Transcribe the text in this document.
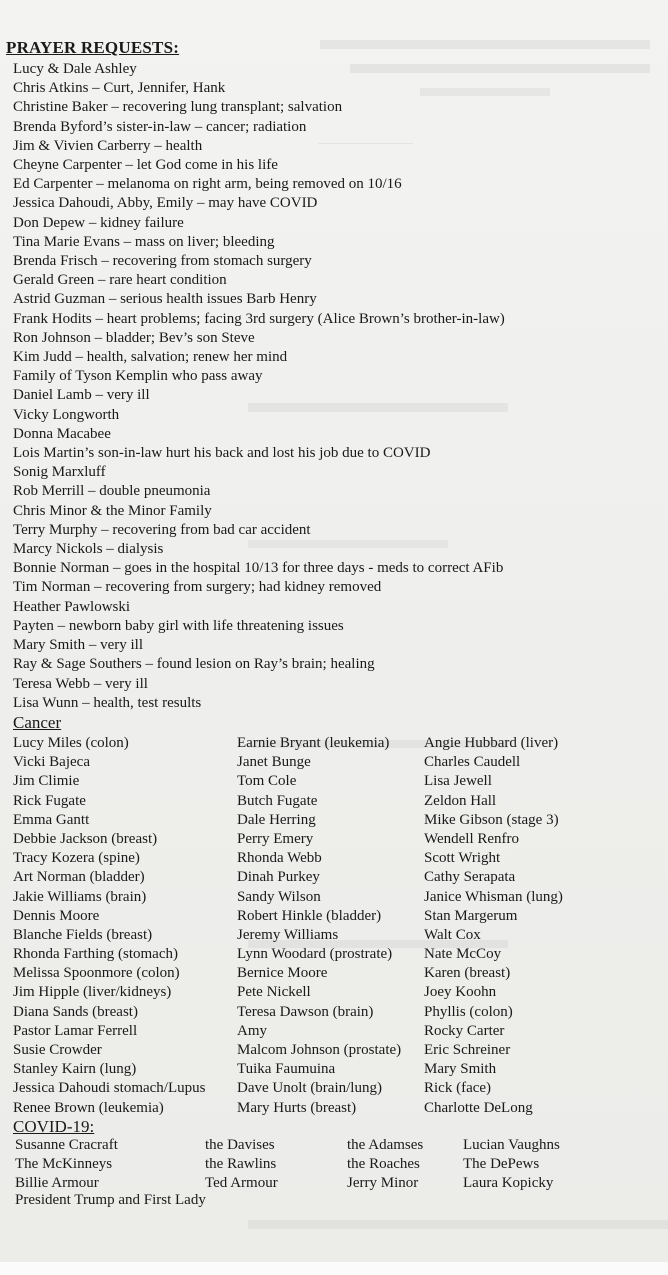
PRAYER REQUESTS:
Lucy & Dale Ashley
Chris Atkins – Curt, Jennifer, Hank
Christine Baker – recovering lung transplant; salvation
Brenda Byford’s sister-in-law – cancer; radiation
Jim & Vivien Carberry – health
Cheyne Carpenter – let God come in his life
Ed Carpenter – melanoma on right arm, being removed on 10/16
Jessica Dahoudi, Abby, Emily – may have COVID
Don Depew – kidney failure
Tina Marie Evans – mass on liver; bleeding
Brenda Frisch – recovering from stomach surgery
Gerald Green – rare heart condition
Astrid Guzman – serious health issues Barb Henry
Frank Hodits – heart problems; facing 3rd surgery (Alice Brown’s brother-in-law)
Ron Johnson – bladder; Bev’s son Steve
Kim Judd – health, salvation; renew her mind
Family of Tyson Kemplin who pass away
Daniel Lamb – very ill
Vicky Longworth
Donna Macabee
Lois Martin’s son-in-law hurt his back and lost his job due to COVID
Sonig Marxluff
Rob Merrill – double pneumonia
Chris Minor & the Minor Family
Terry Murphy – recovering from bad car accident
Marcy Nickols – dialysis
Bonnie Norman – goes in the hospital 10/13 for three days - meds to correct AFib
Tim Norman – recovering from surgery; had kidney removed
Heather Pawlowski
Payten – newborn baby girl with life threatening issues
Mary Smith – very ill
Ray & Sage Southers – found lesion on Ray’s brain; healing
Teresa Webb – very ill
Lisa Wunn – health, test results
Cancer
Lucy Miles (colon)
Vicki Bajeca
Jim Climie
Rick Fugate
Emma Gantt
Debbie Jackson (breast)
Tracy Kozera (spine)
Art Norman (bladder)
Jakie Williams (brain)
Dennis Moore
Blanche Fields (breast)
Rhonda Farthing (stomach)
Melissa Spoonmore (colon)
Jim Hipple (liver/kidneys)
Diana Sands (breast)
Pastor Lamar Ferrell
Susie Crowder
Stanley Kairn (lung)
Jessica Dahoudi stomach/Lupus
Renee Brown (leukemia)
Earnie Bryant (leukemia)
Janet Bunge
Tom Cole
Butch Fugate
Dale Herring
Perry Emery
Rhonda Webb
Dinah Purkey
Sandy Wilson
Robert Hinkle (bladder)
Jeremy Williams
Lynn Woodard (prostrate)
Bernice Moore
Pete Nickell
Teresa Dawson (brain)
Amy
Malcom Johnson (prostate)
Tuika Faumuina
Dave Unolt (brain/lung)
Mary Hurts (breast)
Angie Hubbard (liver)
Charles Caudell
Lisa Jewell
Zeldon Hall
Mike Gibson (stage 3)
Wendell Renfro
Scott Wright
Cathy Serapata
Janice Whisman (lung)
Stan Margerum
Walt Cox
Nate McCoy
Karen (breast)
Joey Koohn
Phyllis (colon)
Rocky Carter
Eric Schreiner
Mary Smith
Rick (face)
Charlotte DeLong
COVID-19:
Susanne Cracraft
The McKinneys
Billie Armour
the Davises
the Rawlins
Ted Armour
the Adamses
the Roaches
Jerry Minor
Lucian Vaughns
The DePews
Laura Kopicky
President Trump and First Lady
